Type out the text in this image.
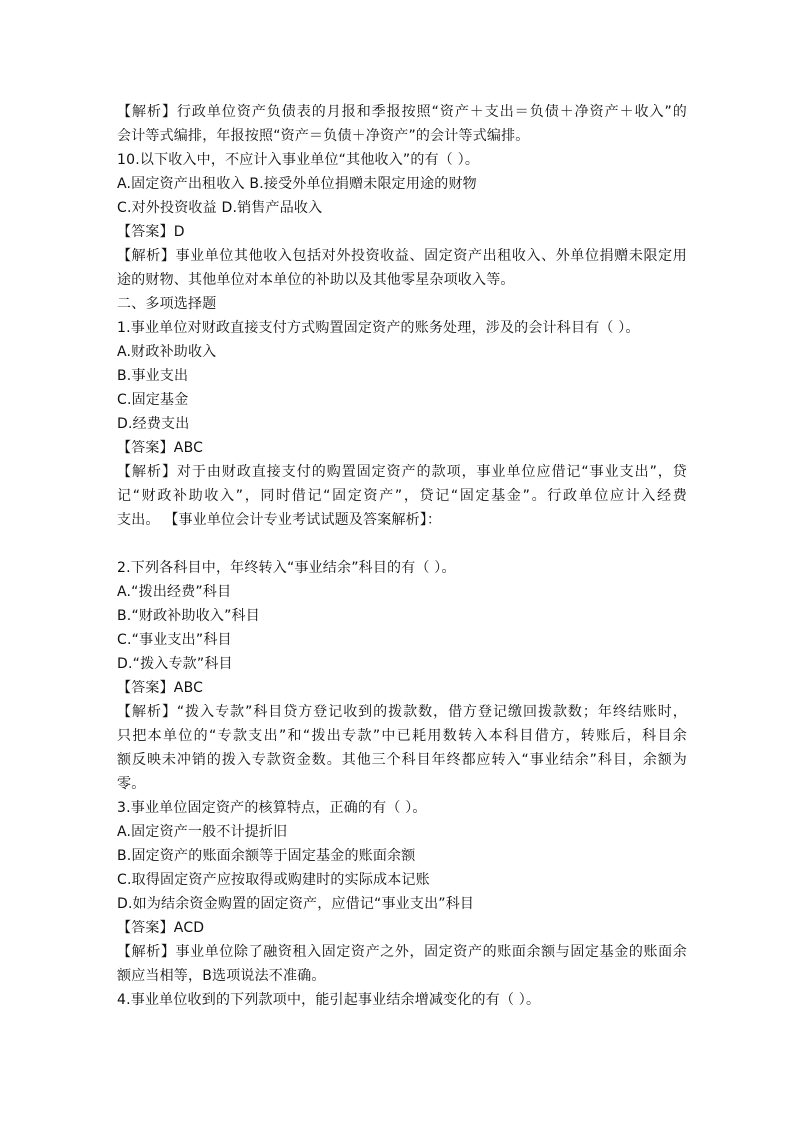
【解析】行政单位资产负债表的月报和季报按照“资产＋支出＝负债＋净资产＋收入”的
会计等式编排，年报按照“资产＝负债＋净资产”的会计等式编排。
10.以下收入中，不应计入事业单位“其他收入”的有（ ）。
A.固定资产出租收入 B.接受外单位捐赠未限定用途的财物
C.对外投资收益 D.销售产品收入
【答案】D
【解析】事业单位其他收入包括对外投资收益、固定资产出租收入、外单位捐赠未限定用
途的财物、其他单位对本单位的补助以及其他零星杂项收入等。
二、多项选择题
1.事业单位对财政直接支付方式购置固定资产的账务处理，涉及的会计科目有（ ）。
A.财政补助收入
B.事业支出
C.固定基金
D.经费支出
【答案】ABC
【解析】对于由财政直接支付的购置固定资产的款项，事业单位应借记“事业支出”，贷
记“财政补助收入”，同时借记“固定资产”，贷记“固定基金”。行政单位应计入经费
支出。 【事业单位会计专业考试试题及答案解析】：
2.下列各科目中，年终转入“事业结余”科目的有（ ）。
A.“拨出经费”科目
B.“财政补助收入”科目
C.“事业支出”科目
D.“拨入专款”科目
【答案】ABC
【解析】“拨入专款”科目贷方登记收到的拨款数，借方登记缴回拨款数；年终结账时，
只把本单位的“专款支出”和“拨出专款”中已耗用数转入本科目借方，转账后，科目余
额反映未冲销的拨入专款资金数。其他三个科目年终都应转入“事业结余”科目，余额为
零。
3.事业单位固定资产的核算特点，正确的有（ ）。
A.固定资产一般不计提折旧
B.固定资产的账面余额等于固定基金的账面余额
C.取得固定资产应按取得或购建时的实际成本记账
D.如为结余资金购置的固定资产，应借记“事业支出”科目
【答案】ACD
【解析】事业单位除了融资租入固定资产之外，固定资产的账面余额与固定基金的账面余
额应当相等，B选项说法不准确。
4.事业单位收到的下列款项中，能引起事业结余增减变化的有（ ）。
